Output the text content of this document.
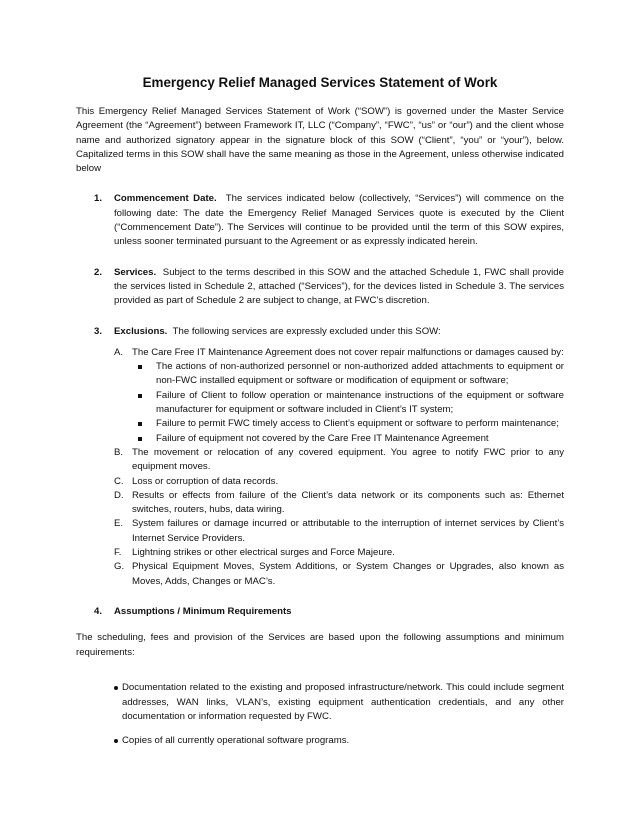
Emergency Relief Managed Services Statement of Work

This Emergency Relief Managed Services Statement of Work (“SOW”) is governed under the Master Service Agreement (the “Agreement”) between Framework IT, LLC (“Company”, “FWC”, “us” or “our”) and the client whose name and authorized signatory appear in the signature block of this SOW (“Client”, “you” or “your”), below. Capitalized terms in this SOW shall have the same meaning as those in the Agreement, unless otherwise indicated below

1. Commencement Date. The services indicated below (collectively, “Services”) will commence on the following date: The date the Emergency Relief Managed Services quote is executed by the Client (“Commencement Date”). The Services will continue to be provided until the term of this SOW expires, unless sooner terminated pursuant to the Agreement or as expressly indicated herein.

2. Services. Subject to the terms described in this SOW and the attached Schedule 1, FWC shall provide the services listed in Schedule 2, attached (“Services”), for the devices listed in Schedule 3. The services provided as part of Schedule 2 are subject to change, at FWC’s discretion.

3. Exclusions. The following services are expressly excluded under this SOW:

A. The Care Free IT Maintenance Agreement does not cover repair malfunctions or damages caused by:

The actions of non-authorized personnel or non-authorized added attachments to equipment or non-FWC installed equipment or software or modification of equipment or software;

Failure of Client to follow operation or maintenance instructions of the equipment or software manufacturer for equipment or software included in Client’s IT system;

Failure to permit FWC timely access to Client’s equipment or software to perform maintenance;

Failure of equipment not covered by the Care Free IT Maintenance Agreement

B. The movement or relocation of any covered equipment. You agree to notify FWC prior to any equipment moves.

C. Loss or corruption of data records.

D. Results or effects from failure of the Client’s data network or its components such as: Ethernet switches, routers, hubs, data wiring.

E. System failures or damage incurred or attributable to the interruption of internet services by Client’s Internet Service Providers.

F. Lightning strikes or other electrical surges and Force Majeure.

G. Physical Equipment Moves, System Additions, or System Changes or Upgrades, also known as Moves, Adds, Changes or MAC’s.

4. Assumptions / Minimum Requirements

The scheduling, fees and provision of the Services are based upon the following assumptions and minimum requirements:

Documentation related to the existing and proposed infrastructure/network. This could include segment addresses, WAN links, VLAN’s, existing equipment authentication credentials, and any other documentation or information requested by FWC.

Copies of all currently operational software programs.
